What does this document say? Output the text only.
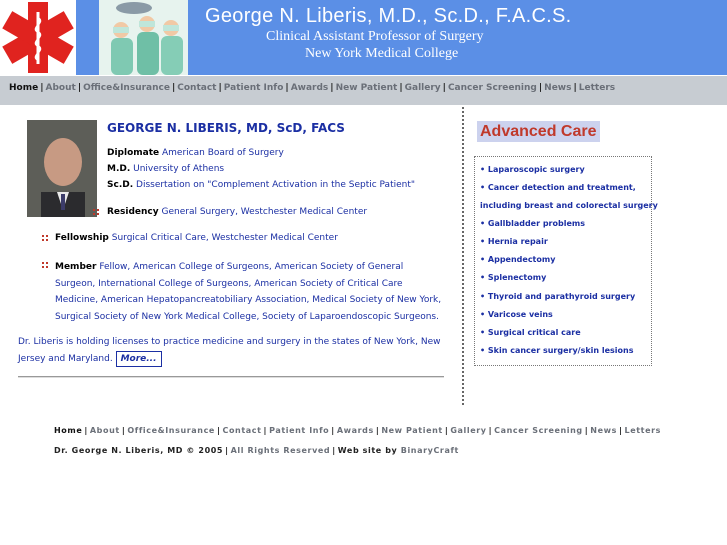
George N. Liberis, M.D., Sc.D., F.A.C.S.
Clinical Assistant Professor of Surgery
New York Medical College
Home | About | Office&Insurance | Contact | Patient Info | Awards | New Patient | Gallery | Cancer Screening | News | Letters
GEORGE N. LIBERIS, MD, ScD, FACS
Diplomate American Board of Surgery
M.D. University of Athens
Sc.D. Dissertation on "Complement Activation in the Septic Patient"
Residency General Surgery, Westchester Medical Center
Fellowship Surgical Critical Care, Westchester Medical Center
Member Fellow, American College of Surgeons, American Society of General Surgeon, International College of Surgeons, American Society of Critical Care Medicine, American Hepatopancreatobiliary Association, Medical Society of New York, Surgical Society of New York Medical College, Society of Laparoendoscopic Surgeons.
Dr. Liberis is holding licenses to practice medicine and surgery in the states of New York, New Jersey and Maryland. More...
Advanced Care
• Laparoscopic surgery
• Cancer detection and treatment,
including breast and colorectal surgery
• Gallbladder problems
• Hernia repair
• Appendectomy
• Splenectomy
• Thyroid and parathyroid surgery
• Varicose veins
• Surgical critical care
• Skin cancer surgery/skin lesions
Home | About | Office&Insurance | Contact | Patient Info | Awards | New Patient | Gallery | Cancer Screening | News | Letters
Dr. George N. Liberis, MD © 2005 | All Rights Reserved | Web site by BinaryCraft
